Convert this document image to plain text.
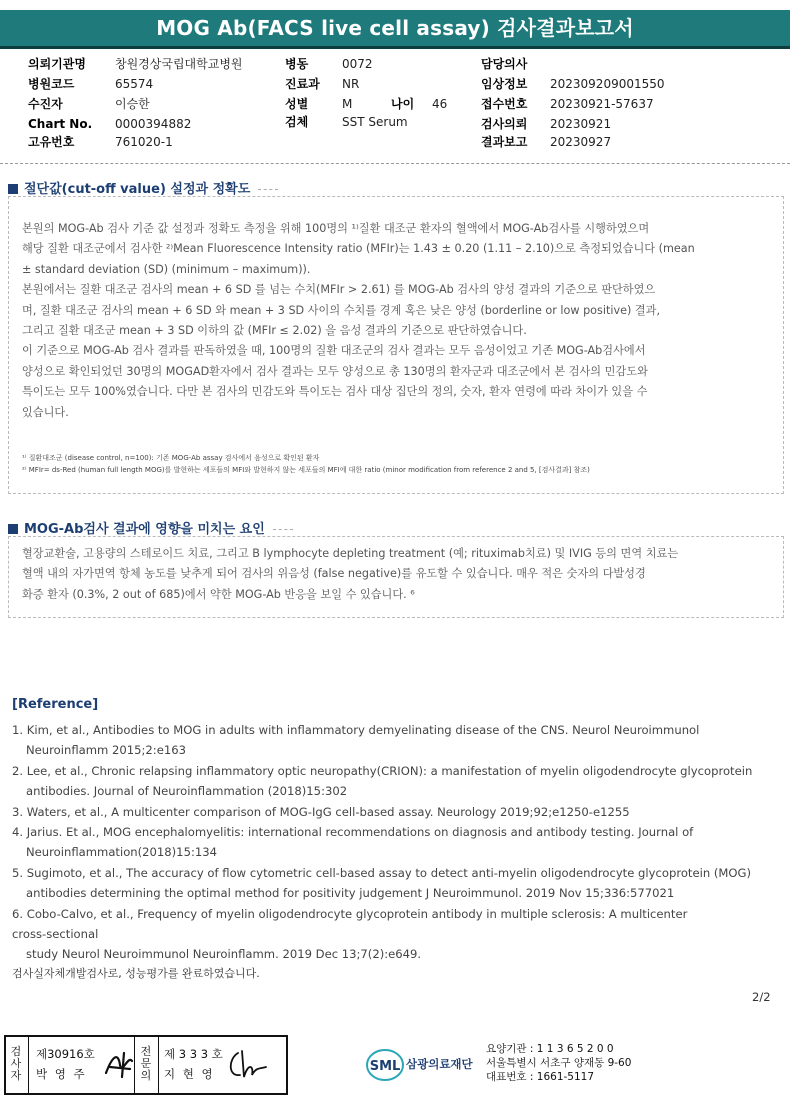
MOG Ab(FACS live cell assay) 검사결과보고서
의뢰기관명 창원경상국립대학교병원
병원코드	65574
수진자	이승한
Chart No. 0000394882
고유번호	761020-1
병동	0072
진료과 NR
성별	M	나이 46
검체	SST Serum
담당의사
임상정보 202309209001550
접수번호 20230921-57637
검사의뢰 20230921
결과보고 20230927
절단값(cut-off value) 설정과 정확도

본원의 MOG-Ab 검사 기준 값 설정과 정확도 측정을 위해 100명의 ¹⁾질환 대조군 환자의 혈액에서 MOG-Ab검사를 시행하였으며

해당 질환 대조군에서 검사한 ²⁾Mean Fluorescence Intensity ratio (MFIr)는 1.43 ± 0.20 (1.11 – 2.10)으로 측정되었습니다 (mean

± standard deviation (SD) (minimum – maximum)).

본원에서는 질환 대조군 검사의 mean + 6 SD 를 넘는 수치(MFIr > 2.61) 를 MOG-Ab 검사의 양성 결과의 기준으로 판단하였으

며, 질환 대조군 검사의 mean + 6 SD 와 mean + 3 SD 사이의 수치를 경계 혹은 낮은 양성 (borderline or low positive) 결과,

그리고 질환 대조군 mean + 3 SD 이하의 값 (MFIr ≤ 2.02) 을 음성 결과의 기준으로 판단하였습니다.

이 기준으로 MOG-Ab 검사 결과를 판독하였을 때, 100명의 질환 대조군의 검사 결과는 모두 음성이었고 기존 MOG-Ab검사에서

양성으로 확인되었던 30명의 MOGAD환자에서 검사 결과는 모두 양성으로 총 130명의 환자군과 대조군에서 본 검사의 민감도와

특이도는 모두 100%였습니다. 다만 본 검사의 민감도와 특이도는 검사 대상 집단의 정의, 숫자, 환자 연령에 따라 차이가 있을 수

있습니다.

¹⁾ 질환대조군 (disease control, n=100): 기존 MOG-Ab assay 검사에서 음성으로 확인된 환자
²⁾ MFIr= ds-Red (human full length MOG)를 발현하는 세포들의 MFI와 발현하지 않는 세포들의 MFI에 대한 ratio (minor modification from reference 2 and 5, [검사결과] 참조)
MOG-Ab검사 결과에 영향을 미치는 요인

혈장교환술, 고용량의 스테로이드 치료, 그리고 B lymphocyte depleting treatment (예; rituximab치료) 및 IVIG 등의 면역 치료는

혈액 내의 자가면역 항체 농도를 낮추게 되어 검사의 위음성 (false negative)를 유도할 수 있습니다. 매우 적은 숫자의 다발성경

화증 환자 (0.3%, 2 out of 685)에서 약한 MOG-Ab 반응을 보일 수 있습니다. ⁶

[Reference]
1. Kim, et al., Antibodies to MOG in adults with inflammatory demyelinating disease of the CNS. Neurol Neuroimmunol
Neuroinflamm 2015;2:e163
2. Lee, et al., Chronic relapsing inflammatory optic neuropathy(CRION): a manifestation of myelin oligodendrocyte glycoprotein
antibodies. Journal of Neuroinflammation (2018)15:302
3. Waters, et al., A multicenter comparison of MOG-IgG cell-based assay. Neurology 2019;92;e1250-e1255
4. Jarius. Et al., MOG encephalomyelitis: international recommendations on diagnosis and antibody testing. Journal of
Neuroinflammation(2018)15:134
5. Sugimoto, et al., The accuracy of flow cytometric cell-based assay to detect anti-myelin oligodendrocyte glycoprotein (MOG)
antibodies determining the optimal method for positivity judgement J Neuroimmunol. 2019 Nov 15;336:577021
6. Cobo-Calvo, et al., Frequency of myelin oligodendrocyte glycoprotein antibody in multiple sclerosis: A multicenter
cross-sectional
study Neurol Neuroimmunol Neuroinflamm. 2019 Dec 13;7(2):e649.
검사실자체개발검사로, 성능평가를 완료하였습니다.
2/2
검
사
자
제30916호
박 영 주
전
문
의
제 3 3 3 호
지 현 영	SML 삼광의료재단
요양기관 : 1 1 3 6 5 2 0 0
서울특별시 서초구 양재동 9-60
대표번호 : 1661-5117
